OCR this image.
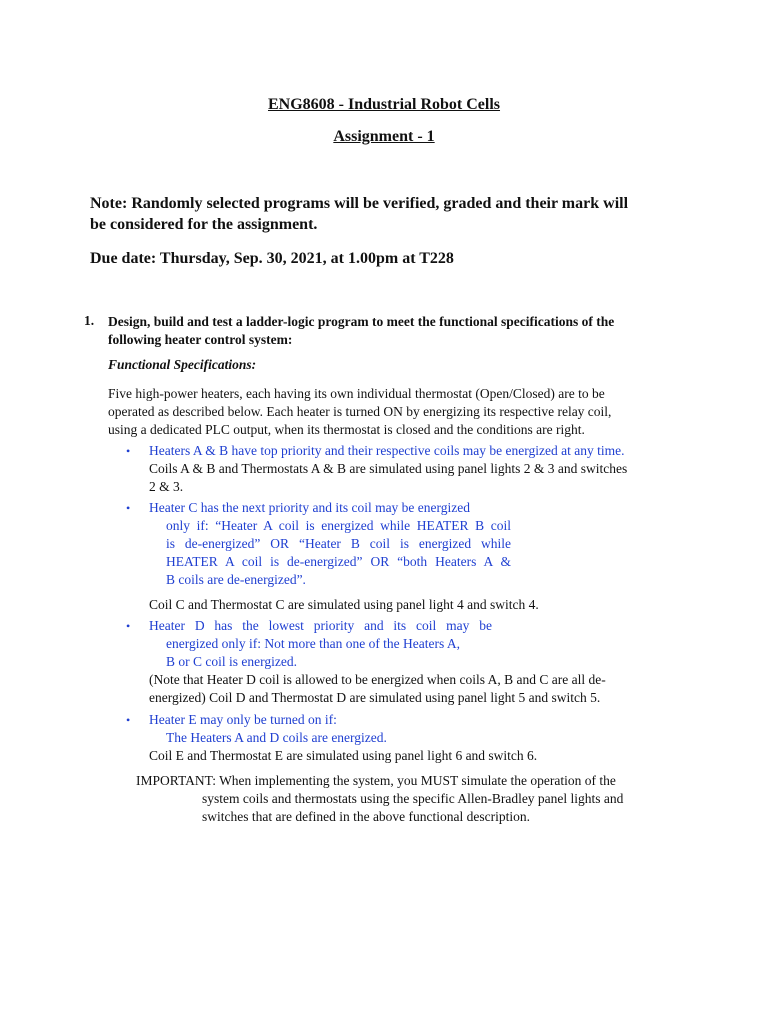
ENG8608 - Industrial Robot Cells
Assignment - 1
Note: Randomly selected programs will be verified, graded and their mark will
be considered for the assignment.
Due date: Thursday, Sep. 30, 2021, at 1.00pm at T228
1. Design, build and test a ladder-logic program to meet the functional specifications of the
following heater control system:
Functional Specifications:
Five high-power heaters, each having its own individual thermostat (Open/Closed) are to be
operated as described below. Each heater is turned ON by energizing its respective relay coil,
using a dedicated PLC output, when its thermostat is closed and the conditions are right.
• Heaters A & B have top priority and their respective coils may be energized at any time.
Coils A & B and Thermostats A & B are simulated using panel lights 2 & 3 and switches
2 & 3.
• Heater C has the next priority and its coil may be energized
only if: “Heater A coil is energized while HEATER B coil
is de-energized” OR “Heater B coil is energized while
HEATER A coil is de-energized” OR “both Heaters A &
B coils are de-energized”.
Coil C and Thermostat C are simulated using panel light 4 and switch 4.
• Heater D has the lowest priority and its coil may be
energized only if: Not more than one of the Heaters A,
B or C coil is energized.
(Note that Heater D coil is allowed to be energized when coils A, B and C are all de-
energized) Coil D and Thermostat D are simulated using panel light 5 and switch 5.
• Heater E may only be turned on if:
The Heaters A and D coils are energized.
Coil E and Thermostat E are simulated using panel light 6 and switch 6.
IMPORTANT: When implementing the system, you MUST simulate the operation of the
system coils and thermostats using the specific Allen-Bradley panel lights and
switches that are defined in the above functional description.
